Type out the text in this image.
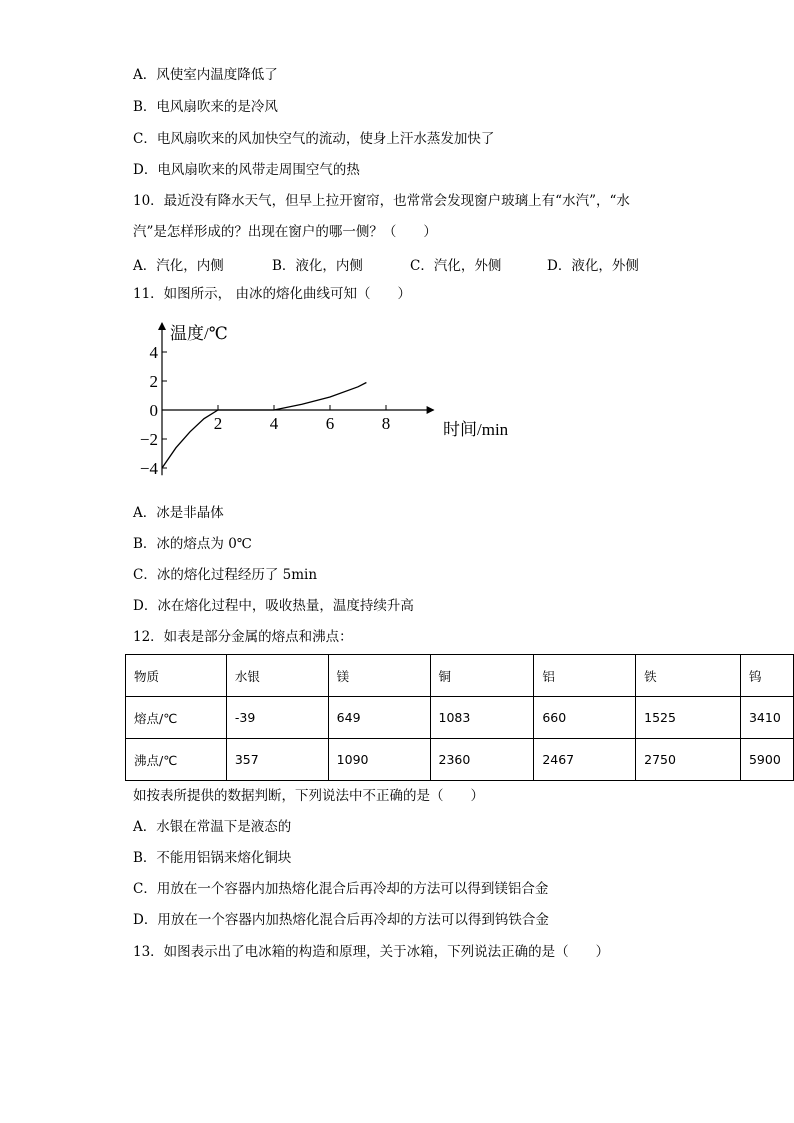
A．风使室内温度降低了
B．电风扇吹来的是冷风
C．电风扇吹来的风加快空气的流动，使身上汗水蒸发加快了
D．电风扇吹来的风带走周围空气的热
10．最近没有降水天气，但早上拉开窗帘，也常常会发现窗户玻璃上有“水汽”，“水
汽”是怎样形成的？出现在窗户的哪一侧？（　　）
A．汽化，内侧	B．液化，内侧	C．汽化，外侧	D．液化，外侧
11．如图所示， 由冰的熔化曲线可知（　　）
4
2
0
−2
−4
2	4	6	8
温度/℃
时间/min
A．冰是非晶体
B．冰的熔点为 0℃
C．冰的熔化过程经历了 5min
D．冰在熔化过程中，吸收热量，温度持续升高
12．如表是部分金属的熔点和沸点：
物质	水银	镁	铜	铝	铁	钨
熔点/℃	-39	649	1083	660	1525	3410
沸点/℃	357	1090	2360	2467	2750	5900
如按表所提供的数据判断，下列说法中不正确的是（　　）
A．水银在常温下是液态的
B．不能用铝锅来熔化铜块
C．用放在一个容器内加热熔化混合后再冷却的方法可以得到镁铝合金
D．用放在一个容器内加热熔化混合后再冷却的方法可以得到钨铁合金
13．如图表示出了电冰箱的构造和原理，关于冰箱，下列说法正确的是（　　）
